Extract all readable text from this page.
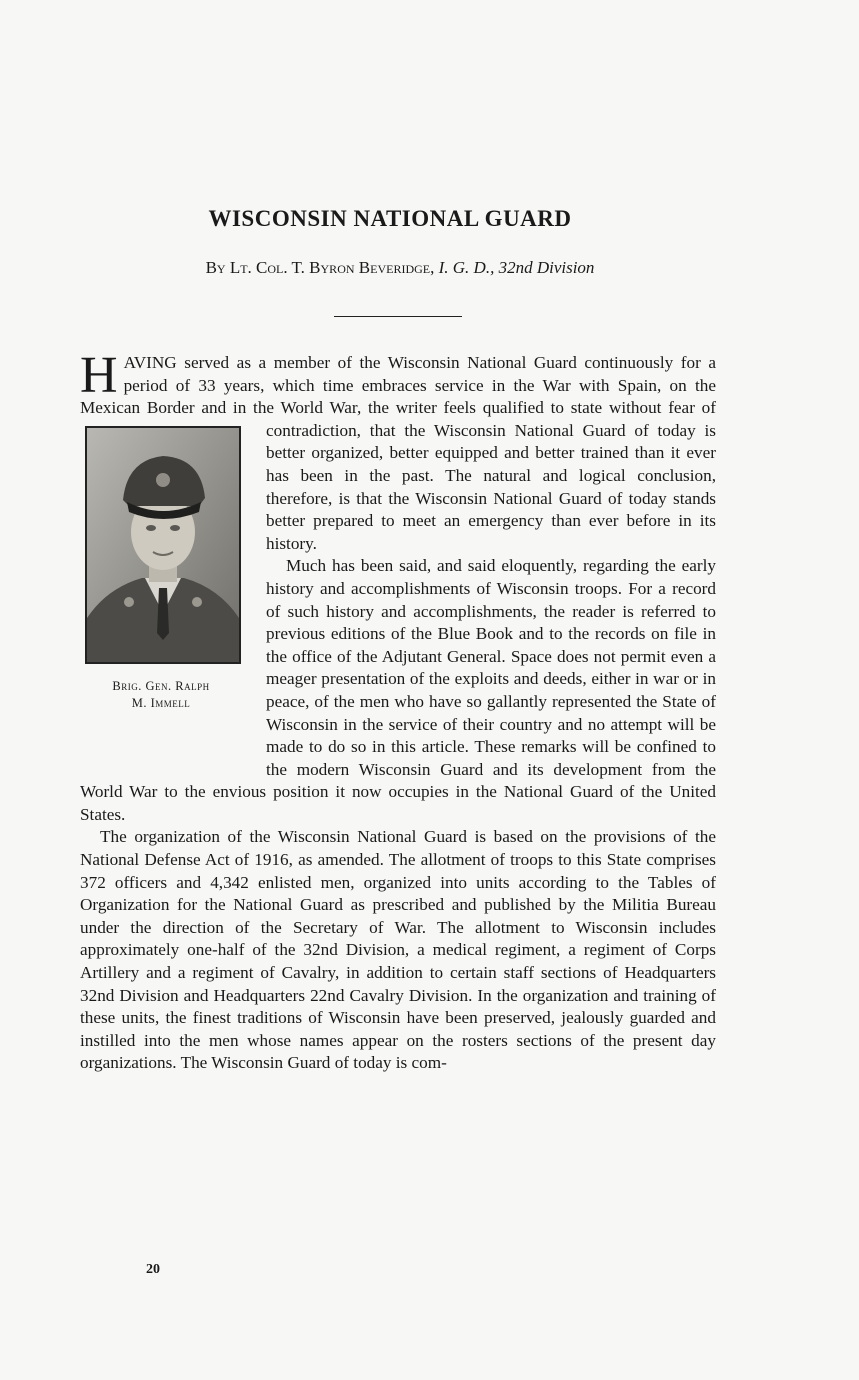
WISCONSIN NATIONAL GUARD
By Lt. Col. T. Byron Beveridge, I. G. D., 32nd Division

HAVING served as a member of the Wisconsin National Guard continuously for a period of 33 years, which time embraces service in the War with Spain, on the Mexican Border and in the World War, the writer feels qualified to state without fear
Brig. Gen. Ralph
M. Immell
of contradiction, that the Wisconsin National Guard of today is better organized, better equipped and better trained than it ever has been in the past. The natural and logical conclusion, therefore, is that the Wisconsin National Guard of today stands better prepared to meet an emergency than ever before in its history.

Much has been said, and said eloquently, regarding the early history and accomplishments of Wisconsin troops. For a record of such history and accomplishments, the reader is referred to previous editions of the Blue Book and to the records on file in the office of the Adjutant General. Space does not permit even a meager presentation of the exploits and deeds, either in war or in peace, of the men who have so gallantly represented the State of Wisconsin in the service of their country and no attempt will be made to do so in this article. These remarks will be confined to the modern Wisconsin Guard and its development from the World War to the envious position it now occupies in the National Guard of the United States.

The organization of the Wisconsin National Guard is based on the provisions of the National Defense Act of 1916, as amended. The allotment of troops to this State comprises 372 officers and 4,342 enlisted men, organized into units according to the Tables of Organization for the National Guard as prescribed and published by the Militia Bureau under the direction of the Secretary of War. The allotment to Wisconsin includes approximately one-half of the 32nd Division, a medical regiment, a regiment of Corps Artillery and a regiment of Cavalry, in addition to certain staff sections of Headquarters 32nd Division and Headquarters 22nd Cavalry Division. In the organization and training of these units, the finest traditions of Wisconsin have been preserved, jealously guarded and instilled into the men whose names appear on the rosters sections of the present day organizations. The Wisconsin Guard of today is com-

20
